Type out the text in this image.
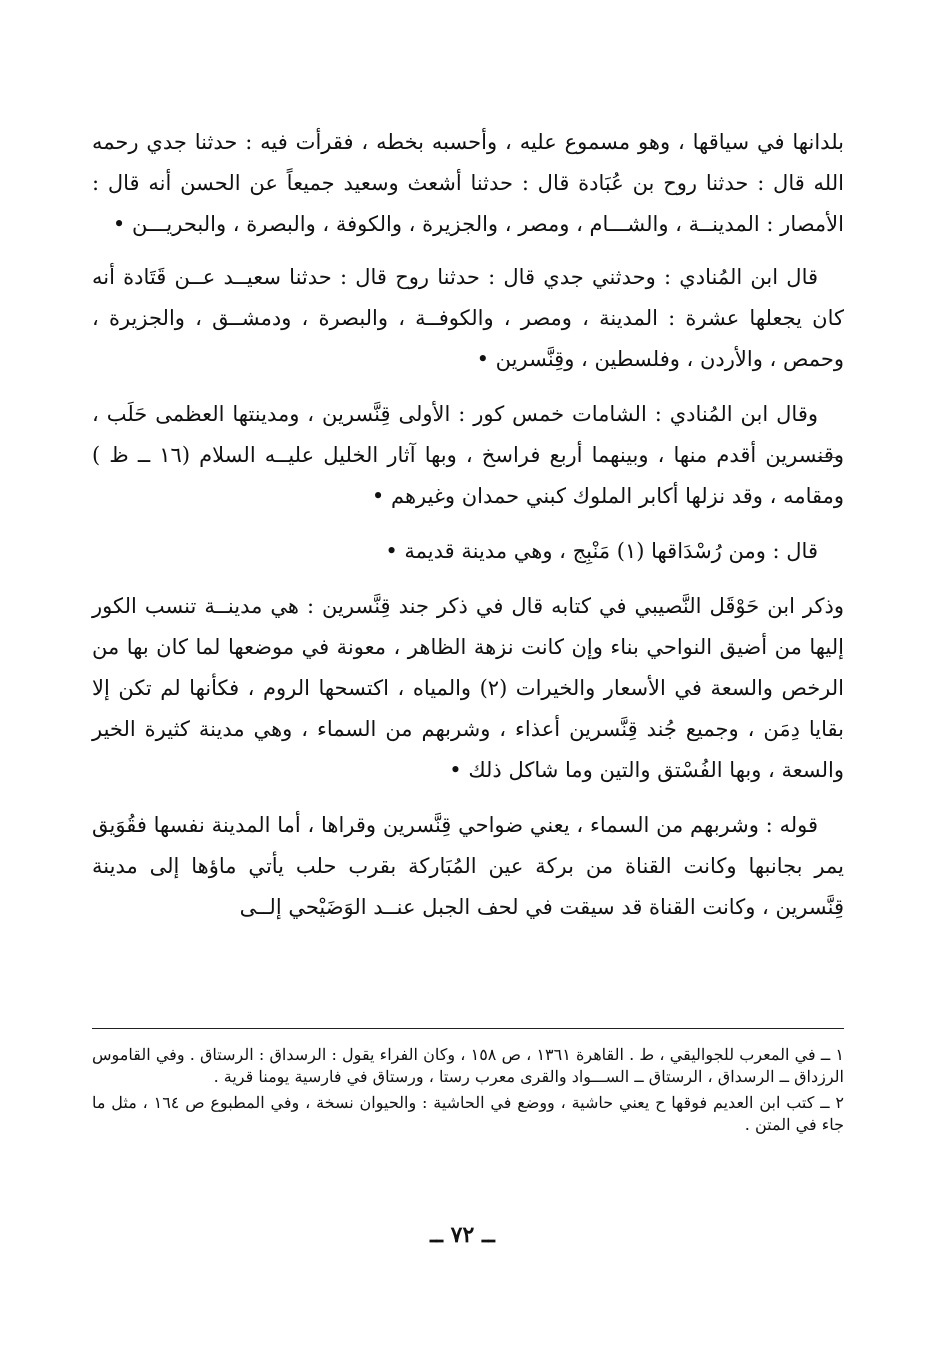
بلدانها في سياقها ، وهو مسموع عليه ، وأحسبه بخطه ، فقرأت فيه : حدثنا جدي رحمه الله قال : حدثنا روح بن عُبَادة قال : حدثنا أشعث وسعيد جميعاً عن الحسن أنه قال : الأمصار : المدينــة ، والشـــام ، ومصر ، والجزيرة ، والكوفة ، والبصرة ، والبحريـــن •

قال ابن المُنادي : وحدثني جدي قال : حدثنا روح قال : حدثنا سعيــد عــن قَتَادة أنه كان يجعلها عشرة : المدينة ، ومصر ، والكوفــة ، والبصرة ، ودمشــق ، والجزيرة ، وحمص ، والأردن ، وفلسطين ، وقِنَّسرين •

وقال ابن المُنادي : الشامات خمس كور : الأولى قِنَّسرين ، ومدينتها العظمى حَلَب ، وقنسرين أقدم منها ، وبينهما أربع فراسخ ، وبها آثار الخليل عليــه السلام (١٦ ــ ظ ) ومقامه ، وقد نزلها أكابر الملوك كبني حمدان وغيرهم •

قال : ومن رُسْدَاقها (١) مَنْبِج ، وهي مدينة قديمة •

وذكر ابن حَوْقَل النَّصيبي في كتابه قال في ذكر جند قِنَّسرين : هي مدينــة تنسب الكور إليها من أضيق النواحي بناء وإن كانت نزهة الظاهر ، معونة في موضعها لما كان بها من الرخص والسعة في الأسعار والخيرات (٢) والمياه ، اكتسحها الروم ، فكأنها لم تكن إلا بقايا دِمَن ، وجميع جُند قِنَّسرين أعذاء ، وشربهم من السماء ، وهي مدينة كثيرة الخير والسعة ، وبها الفُسْتق والتين وما شاكل ذلك •

قوله : وشربهم من السماء ، يعني ضواحي قِنَّسرين وقراها ، أما المدينة نفسها فقُوَيق يمر بجانبها وكانت القناة من بركة عين المُبَاركة بقرب حلب يأتي ماؤها إلى مدينة قِنَّسرين ، وكانت القناة قد سيقت في لحف الجبل عنــد الوَضَيْحي إلــى

١ ــ في المعرب للجواليقي ، ط . القاهرة ١٣٦١ ، ص ١٥٨ ، وكان الفراء يقول : الرسداق : الرستاق . وفي القاموس الرزداق ــ الرسداق ، الرستاق ــ الســـواد والقرى معرب رستا ، ورستاق في فارسية يومنا قرية .

٢ ــ كتب ابن العديم فوقها ح يعني حاشية ، ووضع في الحاشية : والحيوان نسخة ، وفي المطبوع ص ١٦٤ ، مثل ما جاء في المتن .

ــ ٧٢ ــ
